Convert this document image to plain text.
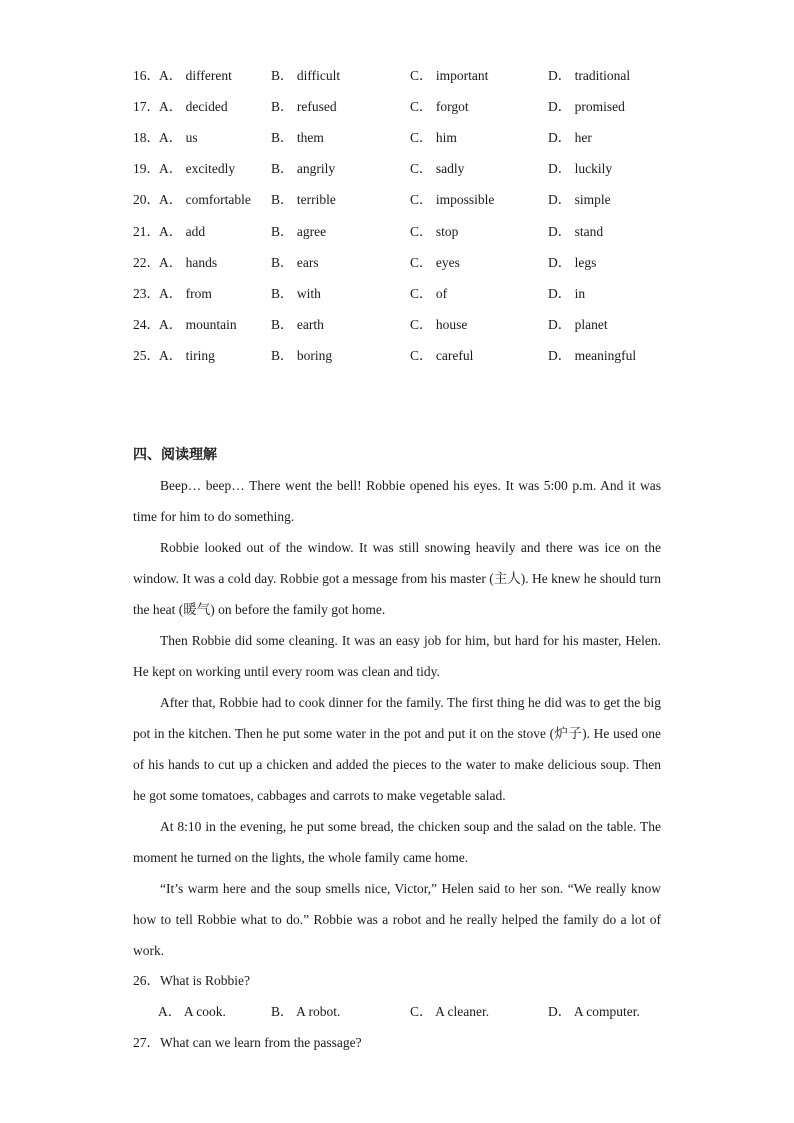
16． A． different	B． difficult	C． important	D． traditional
17． A． decided	B． refused	C． forgot	D． promised
18． A． us	B． them	C． him	D． her
19． A． excitedly	B． angrily	C． sadly	D． luckily
20． A． comfortable B． terrible	C． impossible	D． simple
21． A． add	B． agree	C． stop	D． stand
22． A． hands	B． ears	C． eyes	D． legs
23． A． from	B． with	C． of	D． in
24． A． mountain	B． earth	C． house	D． planet
25． A． tiring	B． boring	C． careful	D． meaningful
四、阅读理解

Beep… beep… There went the bell! Robbie opened his eyes. It was 5:00 p.m. And it was time for him to do something.

Robbie looked out of the window. It was still snowing heavily and there was ice on the window. It was a cold day. Robbie got a message from his master (主人). He knew he should turn the heat (暖气) on before the family got home.

Then Robbie did some cleaning. It was an easy job for him, but hard for his master, Helen. He kept on working until every room was clean and tidy.

After that, Robbie had to cook dinner for the family. The first thing he did was to get the big pot in the kitchen. Then he put some water in the pot and put it on the stove (炉子). He used one of his hands to cut up a chicken and added the pieces to the water to make delicious soup. Then he got some tomatoes, cabbages and carrots to make vegetable salad.

At 8:10 in the evening, he put some bread, the chicken soup and the salad on the table. The moment he turned on the lights, the whole family came home.

“It’s warm here and the soup smells nice, Victor,” Helen said to her son. “We really know how to tell Robbie what to do.” Robbie was a robot and he really helped the family do a lot of work.

26．What is Robbie?
A． A cook.	B． A robot.	C． A cleaner.	D． A computer.
27．What can we learn from the passage?
